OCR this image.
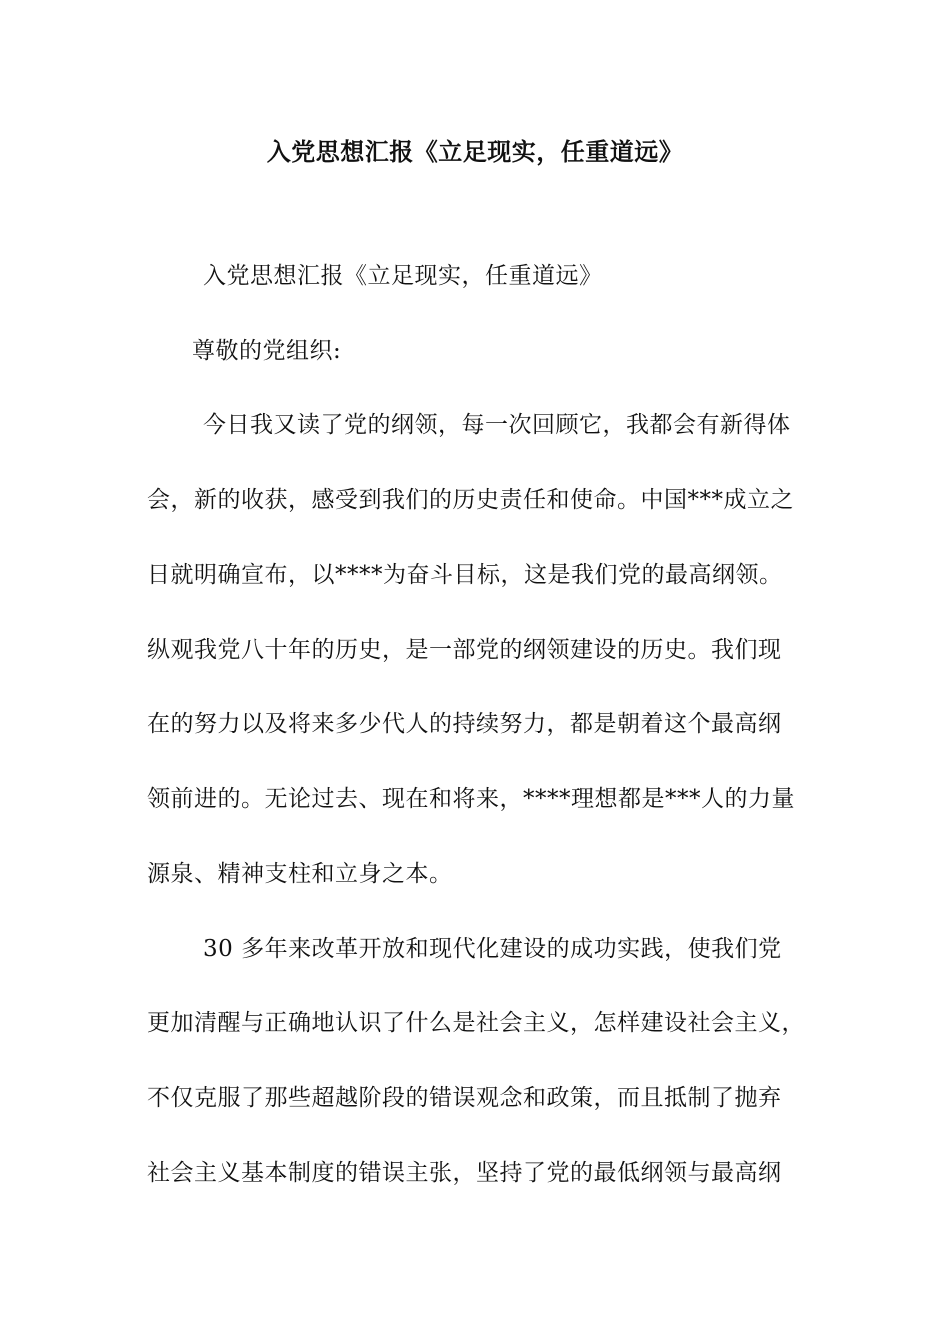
入党思想汇报《立足现实，任重道远》
入党思想汇报《立足现实，任重道远》
尊敬的党组织:
今日我又读了党的纲领，每一次回顾它，我都会有新得体
会，新的收获，感受到我们的历史责任和使命。中国***成立之
日就明确宣布，以****为奋斗目标，这是我们党的最高纲领。
纵观我党八十年的历史，是一部党的纲领建设的历史。我们现
在的努力以及将来多少代人的持续努力，都是朝着这个最高纲
领前进的。无论过去、现在和将来，****理想都是***人的力量
源泉、精神支柱和立身之本。
30 多年来改革开放和现代化建设的成功实践，使我们党
更加清醒与正确地认识了什么是社会主义，怎样建设社会主义，
不仅克服了那些超越阶段的错误观念和政策，而且抵制了抛弃
社会主义基本制度的错误主张，坚持了党的最低纲领与最高纲
